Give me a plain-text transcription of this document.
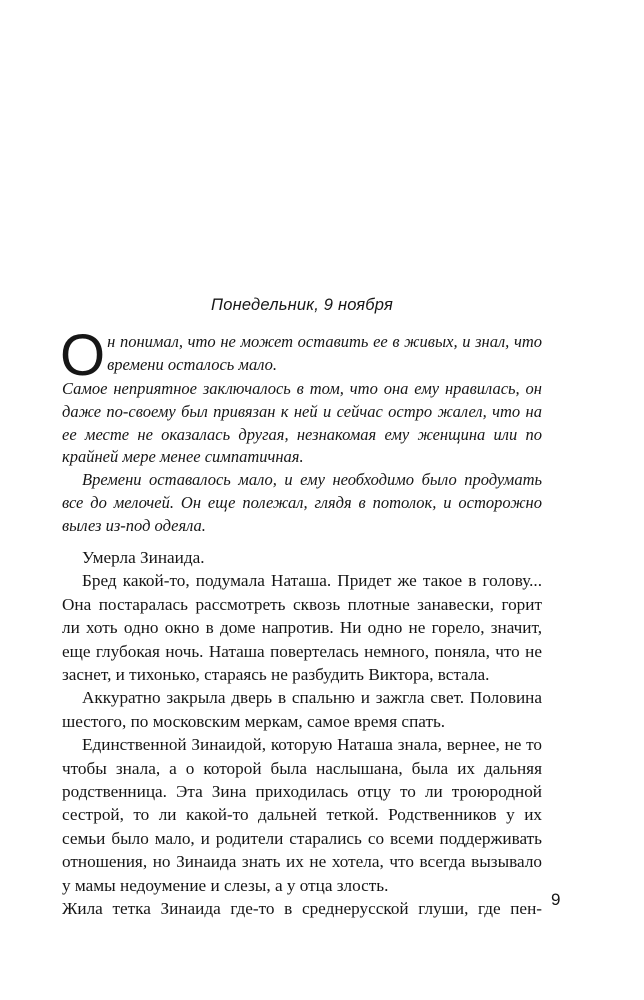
Понедельник, 9 ноября

Он понимал, что не может оставить ее в живых, и знал, что времени осталось мало.

Самое неприятное заключалось в том, что она ему нравилась, он даже по-своему был привязан к ней и сейчас остро жалел, что на ее месте не оказалась другая, незнакомая ему женщина или по крайней мере менее симпатичная.

Времени оставалось мало, и ему необходимо было продумать все до мелочей. Он еще полежал, глядя в потолок, и осторожно вылез из-под одеяла.

Умерла Зинаида.

Бред какой-то, подумала Наташа. Придет же такое в голову... Она постаралась рассмотреть сквозь плотные занавески, горит ли хоть одно окно в доме напротив. Ни одно не горело, значит, еще глубокая ночь. Наташа повертелась немного, поняла, что не заснет, и тихонько, стараясь не разбудить Виктора, встала.

Аккуратно закрыла дверь в спальню и зажгла свет. Половина шестого, по московским меркам, самое время спать.

Единственной Зинаидой, которую Наташа знала, вернее, не то чтобы знала, а о которой была наслышана, была их дальняя родственница. Эта Зина приходилась отцу то ли троюродной сестрой, то ли какой-то дальней теткой. Родственников у их семьи было мало, и родители старались со всеми поддерживать отношения, но Зинаида знать их не хотела, что всегда вызывало у мамы недоумение и слезы, а у отца злость.

Жила тетка Зинаида где-то в среднерусской глуши, где пен- 9
